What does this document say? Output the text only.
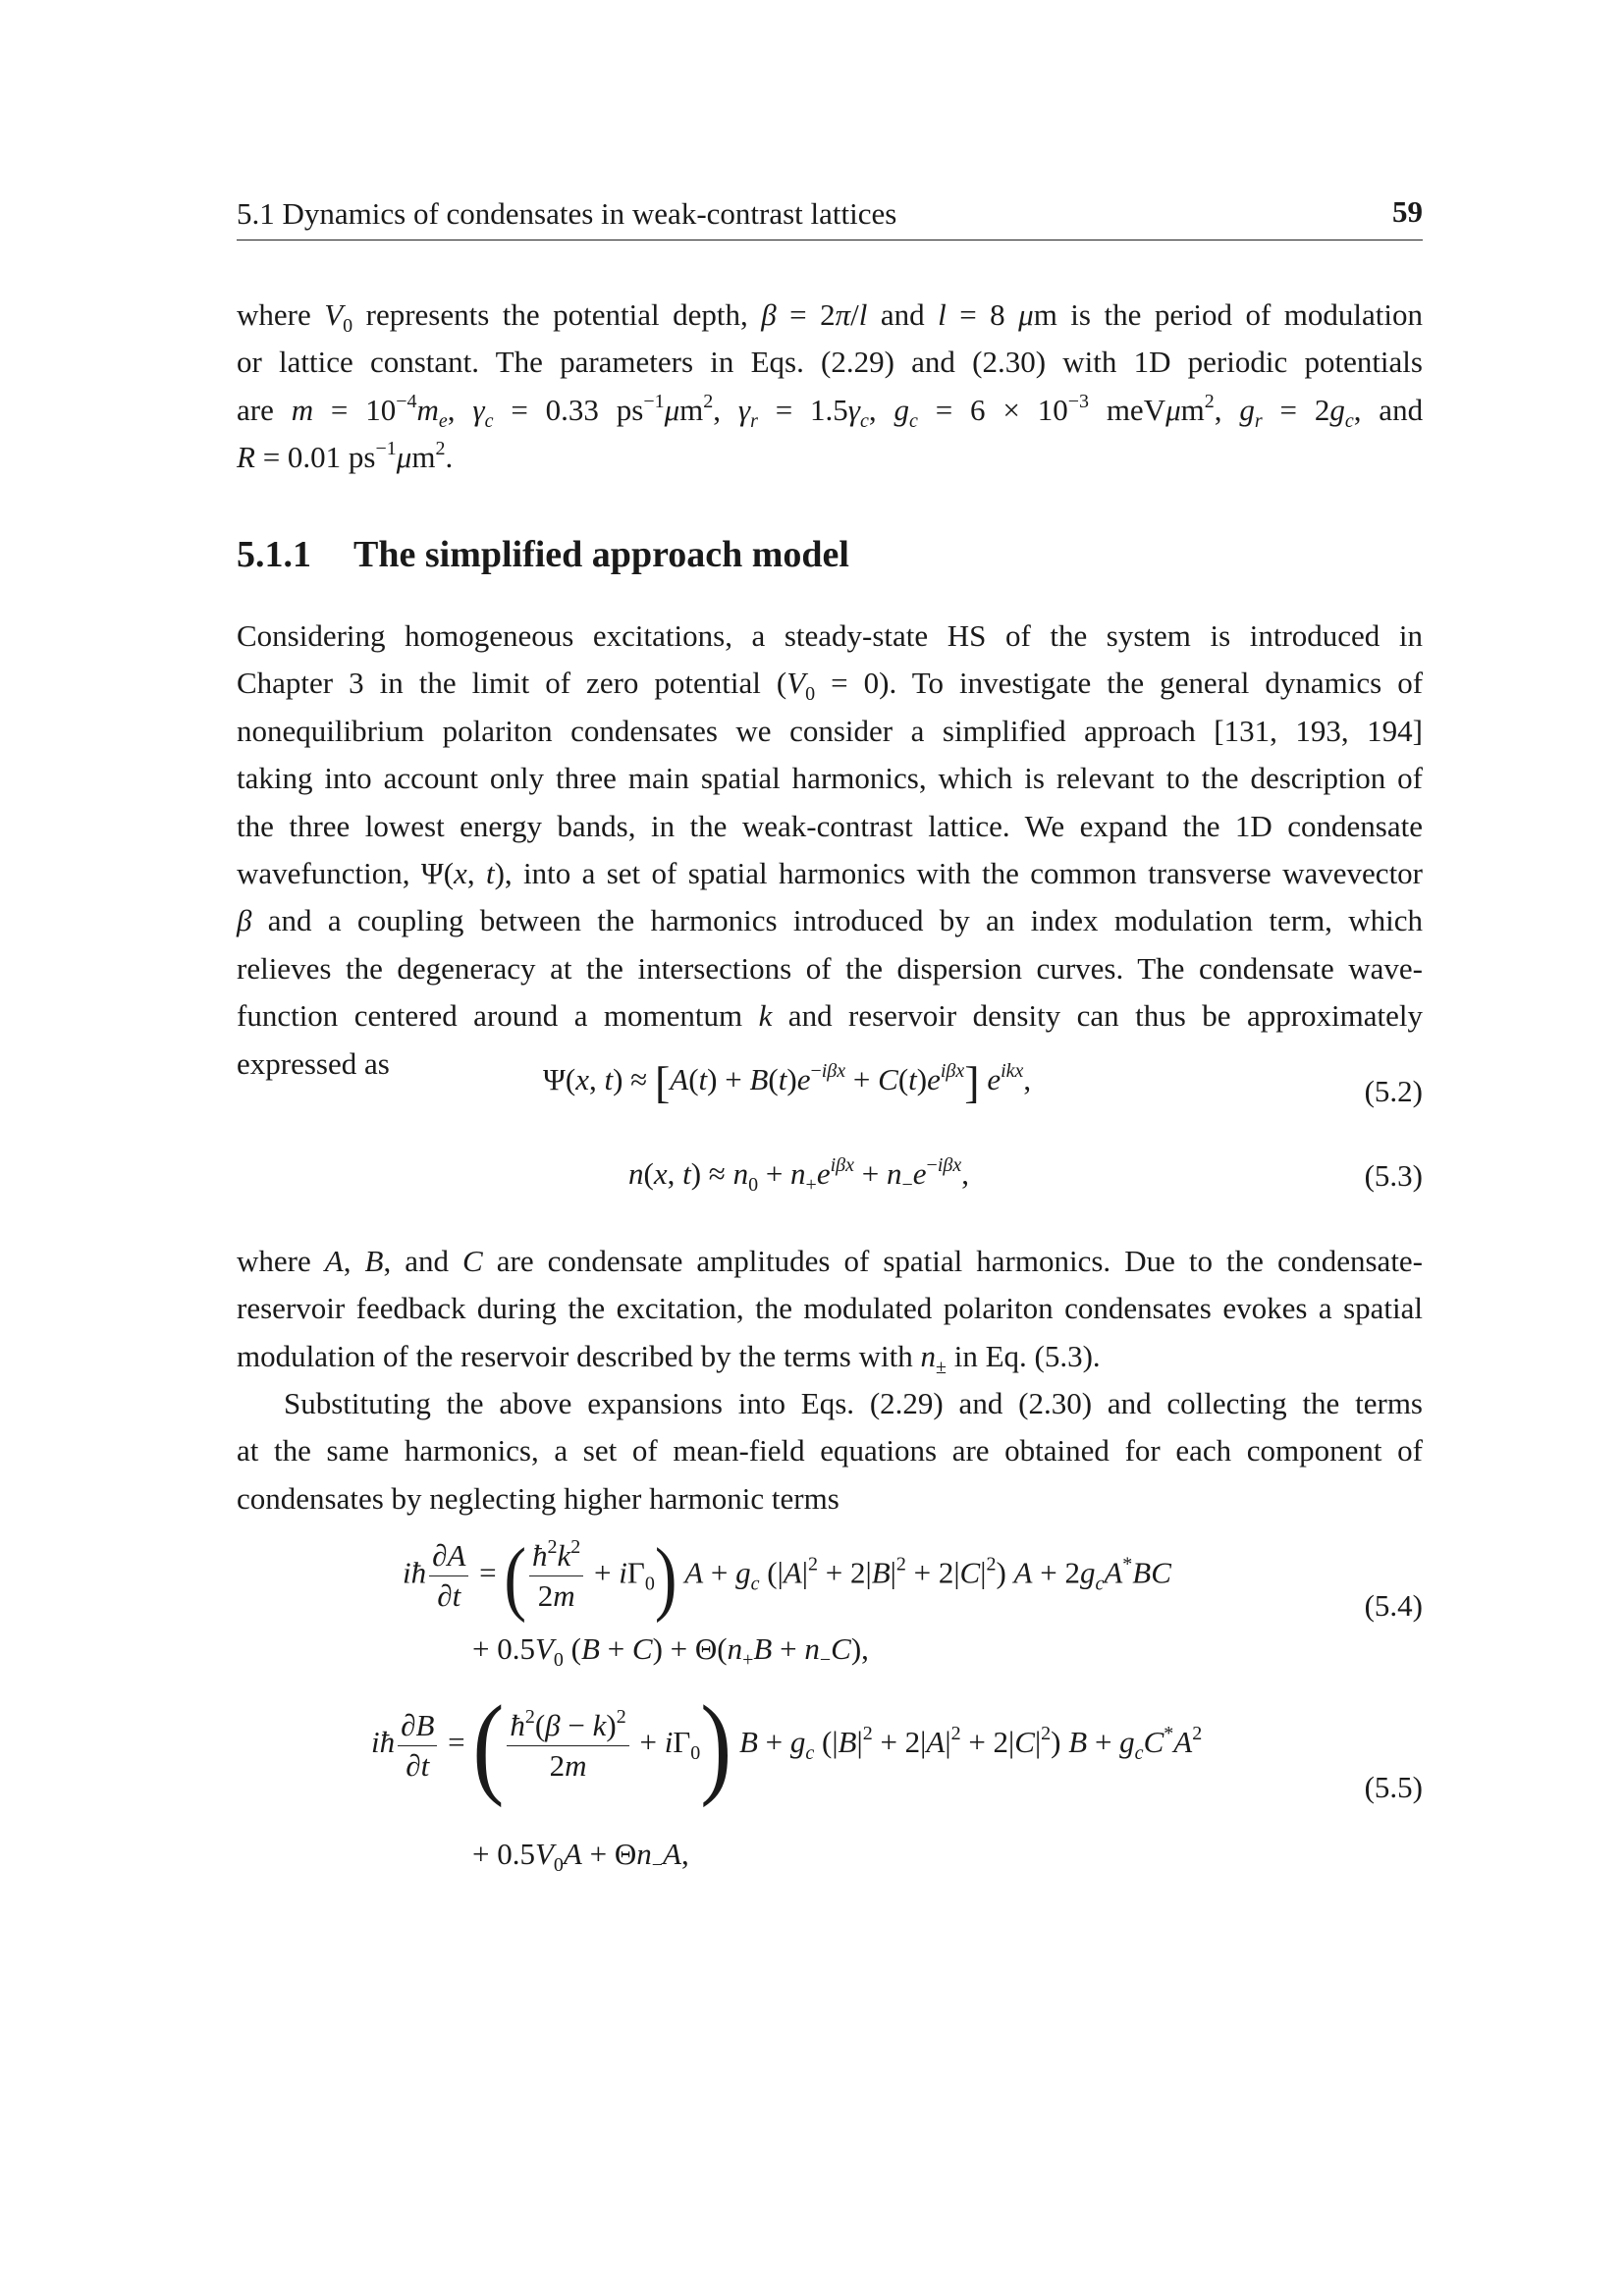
5.1 Dynamics of condensates in weak-contrast lattices	59
where $V_0$ represents the potential depth, β = 2π/l and l = 8 μm is the period of modulation
or lattice constant. The parameters in Eqs. (2.29) and (2.30) with 1D periodic potentials
are $m = 10^{-4}m_e$, $\gamma_c = 0.33$ $ps^{-1}\mu m^2$, $\gamma_r = 1.5\gamma_c$, $g_c = 6 \times 10^{-3}$ meVμm$^2$, $g_r = 2g_c$, and
R = 0.01 $ps^{-1}\mu m^2$.
5.1.1 The simplified approach model
Considering homogeneous excitations, a steady-state HS of the system is introduced in
Chapter 3 in the limit of zero potential $(V_0 = 0)$. To investigate the general dynamics of
nonequilibrium polariton condensates we consider a simplified approach [131, 193, 194]
taking into account only three main spatial harmonics, which is relevant to the description of
the three lowest energy bands, in the weak-contrast lattice. We expand the 1D condensate
wavefunction, Ψ(x, t), into a set of spatial harmonics with the common transverse wavevector
β and a coupling between the harmonics introduced by an index modulation term, which
relieves the degeneracy at the intersections of the dispersion curves. The condensate wave-
function centered around a momentum k and reservoir density can thus be approximately
expressed as	Ψ(x, $t) \approx [A(t) + B(t)e^{-i\beta x} + C(t)e^{i\beta x}]$ $e^{ikx}$,	(5.2)
n(x, $t) \approx n_0 + n_+e^{i\beta x} + n_-e^{-i\beta x}$,	(5.3)
where A, B, and C are condensate amplitudes of spatial harmonics. Due to the condensate-
reservoir feedback during the excitation, the modulated polariton condensates evokes a spatial
modulation of the reservoir described by the terms with $n_\pm$ in Eq. (5.3).
Substituting the above expansions into Eqs. (2.29) and (2.30) and collecting the terms
at the same harmonics, a set of mean-field equations are obtained for each component of
condensates by neglecting higher harmonic terms
iħ $\frac{\partial A}{\partial t}$ = ( $\frac{ħ^2k^2}{2m} + i\Gamma_0$) $A + g_c$ $(|A|^2 + 2|B|^2 + 2|C|^2) A + 2g_cA^*BC$
+ $0.5V_0$ $(B + C) + \Theta(n_+B + n_-C)$,
(5.4)
iħ $\frac{\partial B}{\partial t}$ = ( $\frac{ħ^2(\beta - k)^2}{2m} + i\Gamma_0$) $B + g_c$ $(|B|^2 + 2|A|^2 + 2|C|^2) B + g_cC^*A^2$
+ $0.5V_0A + \Theta n_-A$,
(5.5)
